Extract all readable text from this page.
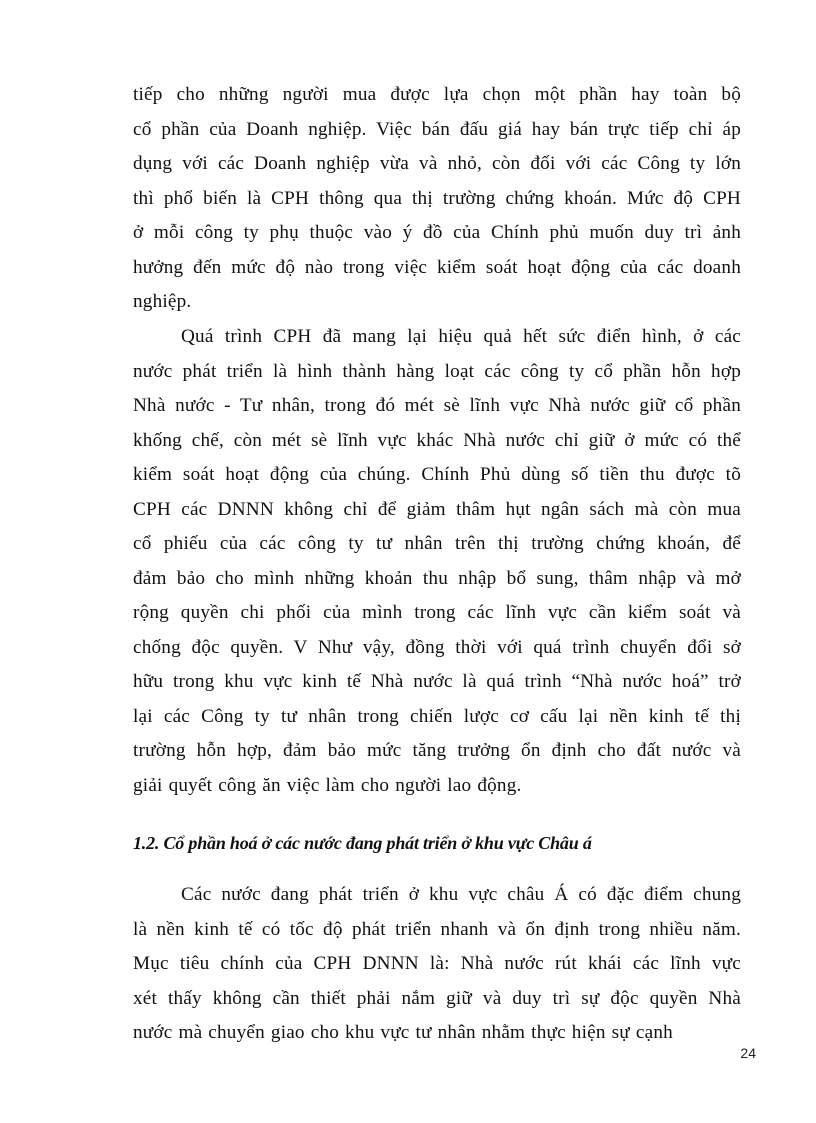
tiếp cho những người mua được lựa chọn một phần hay toàn bộ
cổ phần của Doanh nghiệp. Việc bán đấu giá hay bán trực tiếp chỉ áp
dụng với các Doanh nghiệp vừa và nhỏ, còn đối với các Công ty lớn
thì phổ biến là CPH thông qua thị trường chứng khoán. Mức độ CPH
ở mỗi công ty phụ thuộc vào ý đồ của Chính phủ muốn duy trì ảnh
hưởng đến mức độ nào trong việc kiểm soát hoạt động của các doanh
nghiệp.

Quá trình CPH đã mang lại hiệu quả hết sức điển hình, ở các
nước phát triển là hình thành hàng loạt các công ty cổ phần hỗn hợp
Nhà nước - Tư nhân, trong đó mét sè lĩnh vực Nhà nước giữ cổ phần
khống chế, còn mét sè lĩnh vực khác Nhà nước chỉ giữ ở mức có thể
kiểm soát hoạt động của chúng. Chính Phủ dùng số tiền thu được tõ
CPH các DNNN không chỉ để giảm thâm hụt ngân sách mà còn mua
cổ phiếu của các công ty tư nhân trên thị trường chứng khoán, để
đảm bảo cho mình những khoản thu nhập bổ sung, thâm nhập và mở
rộng quyền chi phối của mình trong các lĩnh vực cần kiểm soát và
chống độc quyền. V Như vậy, đồng thời với quá trình chuyển đổi sở
hữu trong khu vực kinh tế Nhà nước là quá trình “Nhà nước hoá” trở
lại các Công ty tư nhân trong chiến lược cơ cấu lại nền kinh tế thị
trường hỗn hợp, đảm bảo mức tăng trưởng ổn định cho đất nước và
giải quyết công ăn việc làm cho người lao động.

1.2. Cổ phần hoá ở các nước đang phát triển ở khu vực Châu á

Các nước đang phát triển ở khu vực châu Á có đặc điểm chung
là nền kinh tế có tốc độ phát triển nhanh và ổn định trong nhiều năm.
Mục tiêu chính của CPH DNNN là: Nhà nước rút khái các lĩnh vực
xét thấy không cần thiết phải nắm giữ và duy trì sự độc quyền Nhà
nước mà chuyển giao cho khu vực tư nhân nhằm thực hiện sự cạnh

24
